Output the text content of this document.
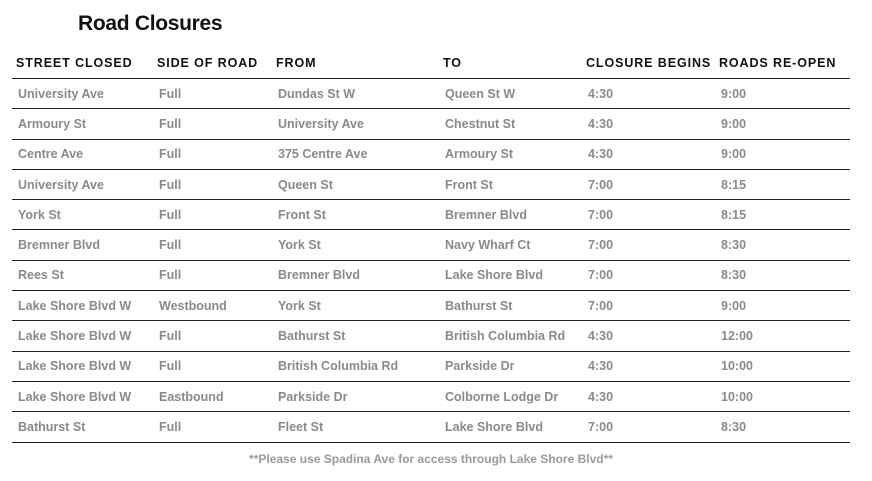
Road Closures
STREET CLOSED	SIDE OF ROAD	FROM	TO	CLOSURE BEGINS	ROADS RE-OPEN
University Ave	Full	Dundas St W	Queen St W	4:30	9:00
Armoury St	Full	University Ave	Chestnut St	4:30	9:00
Centre Ave	Full	375 Centre Ave	Armoury St	4:30	9:00
University Ave	Full	Queen St	Front St	7:00	8:15
York St	Full	Front St	Bremner Blvd	7:00	8:15
Bremner Blvd	Full	York St	Navy Wharf Ct	7:00	8:30
Rees St	Full	Bremner Blvd	Lake Shore Blvd	7:00	8:30
Lake Shore Blvd W	Westbound	York St	Bathurst St	7:00	9:00
Lake Shore Blvd W	Full	Bathurst St	British Columbia Rd	4:30	12:00
Lake Shore Blvd W	Full	British Columbia Rd	Parkside Dr	4:30	10:00
Lake Shore Blvd W	Eastbound	Parkside Dr	Colborne Lodge Dr	4:30	10:00
Bathurst St	Full	Fleet St	Lake Shore Blvd	7:00	8:30
**Please use Spadina Ave for access through Lake Shore Blvd**
